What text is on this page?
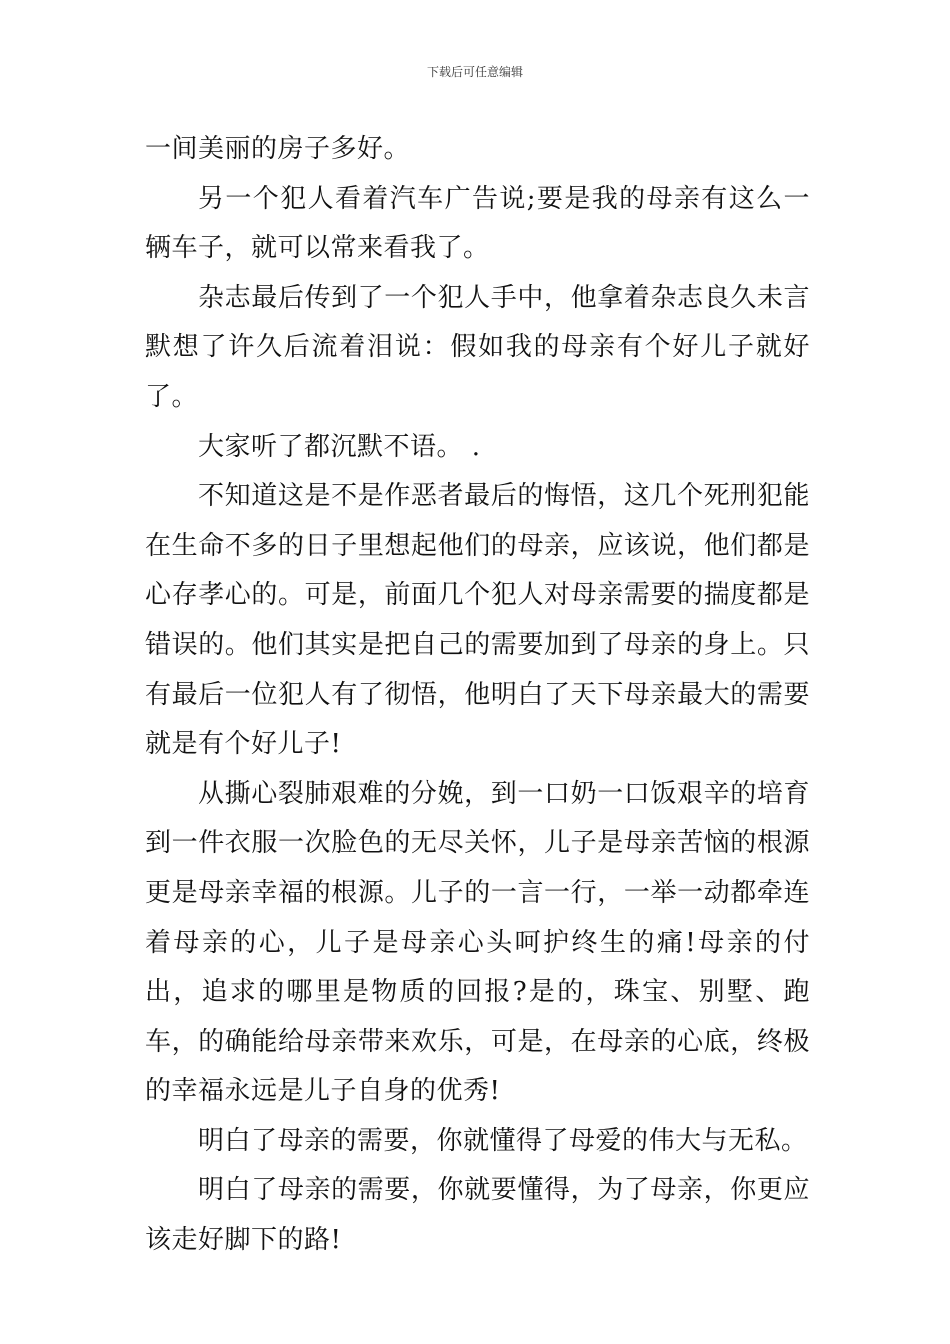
下载后可任意编辑

一间美丽的房子多好。

另一个犯人看着汽车广告说;要是我的母亲有这么一辆车子，就可以常来看我了。

杂志最后传到了一个犯人手中，他拿着杂志良久未言默想了许久后流着泪说：假如我的母亲有个好儿子就好了。

大家听了都沉默不语。 .

不知道这是不是作恶者最后的悔悟，这几个死刑犯能在生命不多的日子里想起他们的母亲，应该说，他们都是心存孝心的。可是，前面几个犯人对母亲需要的揣度都是错误的。他们其实是把自己的需要加到了母亲的身上。只有最后一位犯人有了彻悟，他明白了天下母亲最大的需要就是有个好儿子!

从撕心裂肺艰难的分娩，到一口奶一口饭艰辛的培育到一件衣服一次脸色的无尽关怀，儿子是母亲苦恼的根源更是母亲幸福的根源。儿子的一言一行，一举一动都牵连着母亲的心，儿子是母亲心头呵护终生的痛!母亲的付出，追求的哪里是物质的回报?是的，珠宝、别墅、跑车，的确能给母亲带来欢乐，可是，在母亲的心底，终极的幸福永远是儿子自身的优秀!

明白了母亲的需要，你就懂得了母爱的伟大与无私。

明白了母亲的需要，你就要懂得，为了母亲，你更应该走好脚下的路!
